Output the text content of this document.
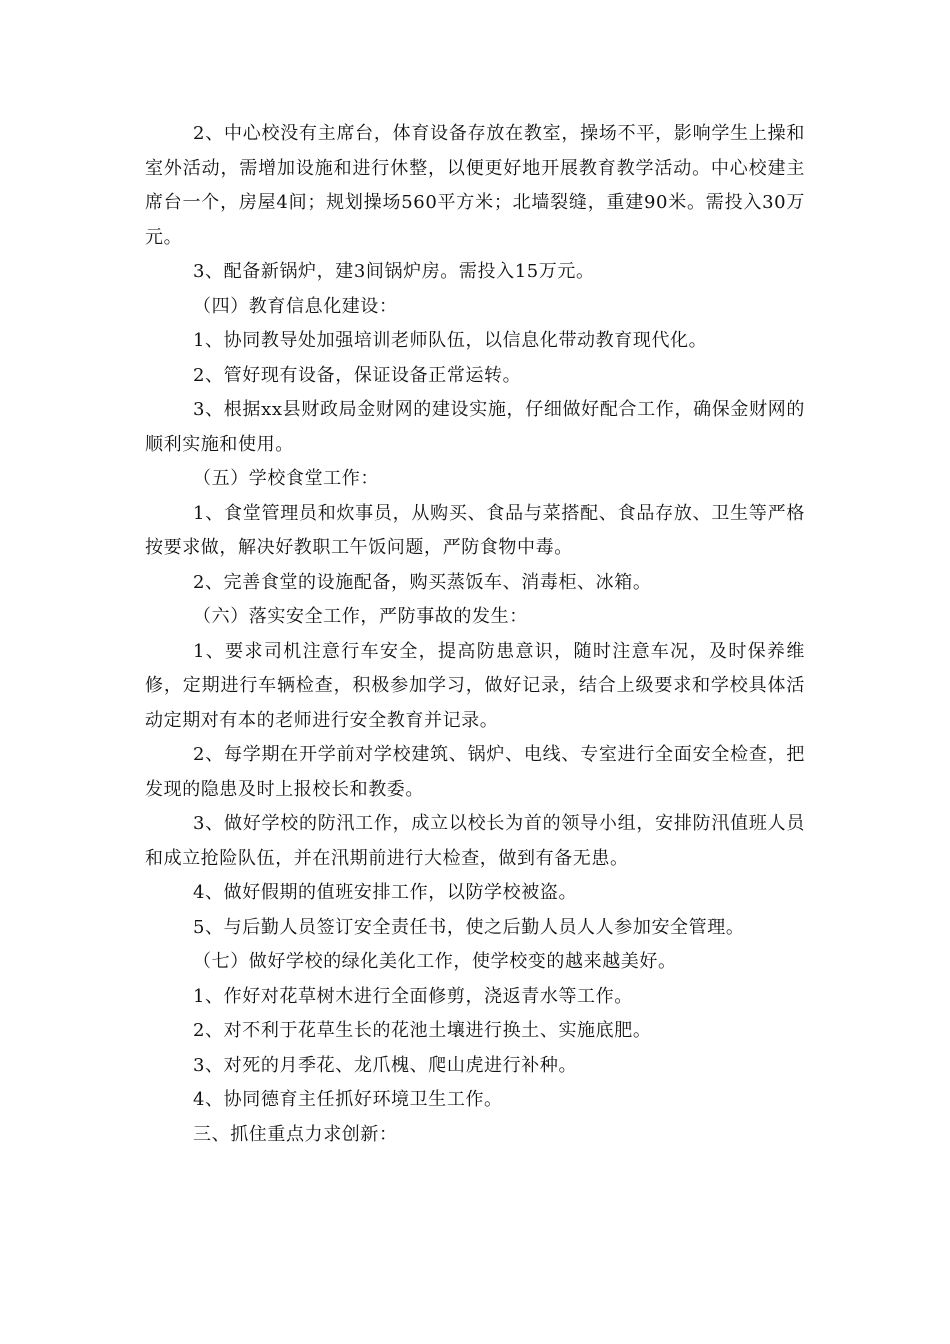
2、中心校没有主席台，体育设备存放在教室，操场不平，影响学生上操和室外活动，需增加设施和进行休整，以便更好地开展教育教学活动。中心校建主席台一个，房屋4间；规划操场560平方米；北墙裂缝，重建90米。需投入30万元。

3、配备新锅炉，建3间锅炉房。需投入15万元。

（四）教育信息化建设：

1、协同教导处加强培训老师队伍，以信息化带动教育现代化。

2、管好现有设备，保证设备正常运转。

3、根据xx县财政局金财网的建设实施，仔细做好配合工作，确保金财网的顺利实施和使用。

（五）学校食堂工作：

1、食堂管理员和炊事员，从购买、食品与菜搭配、食品存放、卫生等严格按要求做，解决好教职工午饭问题，严防食物中毒。

2、完善食堂的设施配备，购买蒸饭车、消毒柜、冰箱。

（六）落实安全工作，严防事故的发生：

1、要求司机注意行车安全，提高防患意识，随时注意车况，及时保养维修，定期进行车辆检查，积极参加学习，做好记录，结合上级要求和学校具体活动定期对有本的老师进行安全教育并记录。

2、每学期在开学前对学校建筑、锅炉、电线、专室进行全面安全检查，把发现的隐患及时上报校长和教委。

3、做好学校的防汛工作，成立以校长为首的领导小组，安排防汛值班人员和成立抢险队伍，并在汛期前进行大检查，做到有备无患。

4、做好假期的值班安排工作，以防学校被盗。

5、与后勤人员签订安全责任书，使之后勤人员人人参加安全管理。

（七）做好学校的绿化美化工作，使学校变的越来越美好。

1、作好对花草树木进行全面修剪，浇返青水等工作。

2、对不利于花草生长的花池土壤进行换土、实施底肥。

3、对死的月季花、龙爪槐、爬山虎进行补种。

4、协同德育主任抓好环境卫生工作。

三、抓住重点力求创新：
